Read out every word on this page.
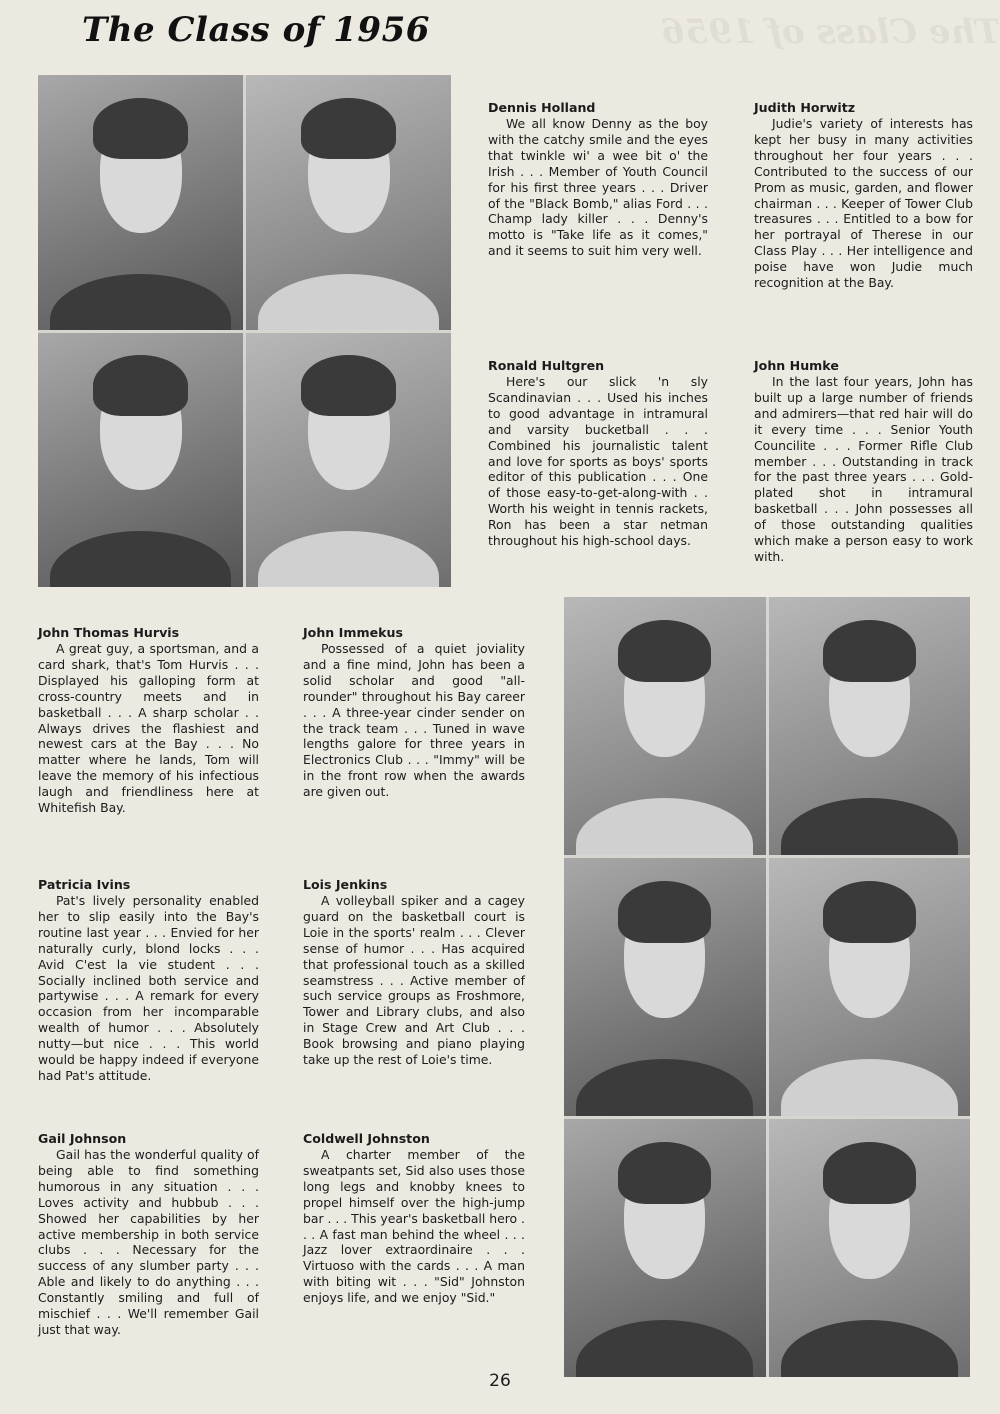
The Class of 1956
The Class of 1956

Dennis Holland

We all know Denny as the boy with the catchy smile and the eyes that twinkle wi' a wee bit o' the Irish . . . Member of Youth Council for his first three years . . . Driver of the "Black Bomb," alias Ford . . . Champ lady killer . . . Denny's motto is "Take life as it comes," and it seems to suit him very well.

Judith Horwitz

Judie's variety of interests has kept her busy in many activities throughout her four years . . . Contributed to the success of our Prom as music, garden, and flower chairman . . . Keeper of Tower Club treasures . . . Entitled to a bow for her portrayal of Therese in our Class Play . . . Her intelligence and poise have won Judie much recognition at the Bay.

Ronald Hultgren

Here's our slick 'n sly Scandinavian . . . Used his inches to good advantage in intramural and varsity bucketball . . . Combined his journalistic talent and love for sports as boys' sports editor of this publication . . . One of those easy-to-get-along-with . . Worth his weight in tennis rackets, Ron has been a star netman throughout his high-school days.

John Humke

In the last four years, John has built up a large number of friends and admirers—that red hair will do it every time . . . Senior Youth Councilite . . . Former Rifle Club member . . . Outstanding in track for the past three years . . . Gold-plated shot in intramural basketball . . . John possesses all of those outstanding qualities which make a person easy to work with.

John Thomas Hurvis

A great guy, a sportsman, and a card shark, that's Tom Hurvis . . . Displayed his galloping form at cross-country meets and in basketball . . . A sharp scholar . . Always drives the flashiest and newest cars at the Bay . . . No matter where he lands, Tom will leave the memory of his infectious laugh and friendliness here at Whitefish Bay.

John Immekus

Possessed of a quiet joviality and a fine mind, John has been a solid scholar and good "all-rounder" throughout his Bay career . . . A three-year cinder sender on the track team . . . Tuned in wave lengths galore for three years in Electronics Club . . . "Immy" will be in the front row when the awards are given out.

Patricia Ivins

Pat's lively personality enabled her to slip easily into the Bay's routine last year . . . Envied for her naturally curly, blond locks . . . Avid C'est la vie student . . . Socially inclined both service and partywise . . . A remark for every occasion from her incomparable wealth of humor . . . Absolutely nutty—but nice . . . This world would be happy indeed if everyone had Pat's attitude.

Lois Jenkins

A volleyball spiker and a cagey guard on the basketball court is Loie in the sports' realm . . . Clever sense of humor . . . Has acquired that professional touch as a skilled seamstress . . . Active member of such service groups as Froshmore, Tower and Library clubs, and also in Stage Crew and Art Club . . . Book browsing and piano playing take up the rest of Loie's time.

Gail Johnson

Gail has the wonderful quality of being able to find something humorous in any situation . . . Loves activity and hubbub . . . Showed her capabilities by her active membership in both service clubs . . . Necessary for the success of any slumber party . . . Able and likely to do anything . . . Constantly smiling and full of mischief . . . We'll remember Gail just that way.

Coldwell Johnston

A charter member of the sweatpants set, Sid also uses those long legs and knobby knees to propel himself over the high-jump bar . . . This year's basketball hero . . . A fast man behind the wheel . . . Jazz lover extraordinaire . . . Virtuoso with the cards . . . A man with biting wit . . . "Sid" Johnston enjoys life, and we enjoy "Sid."

26
